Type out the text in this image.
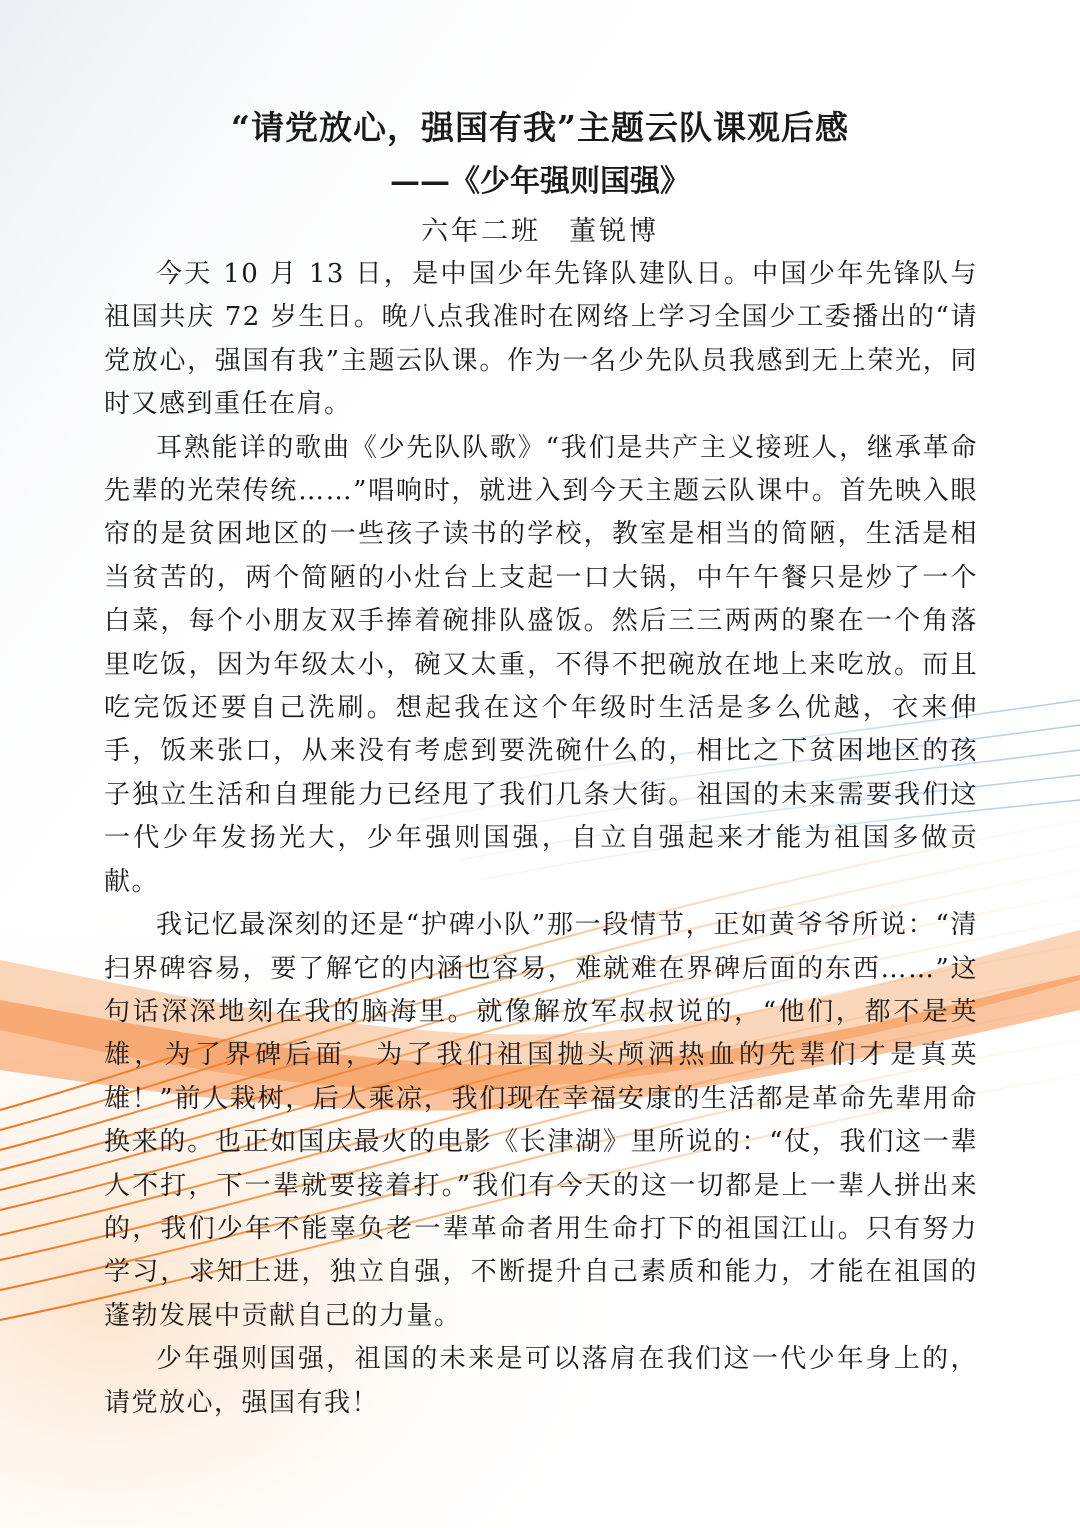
“请党放心，强国有我”主题云队课观后感
——《少年强则国强》
六年二班 董锐博

今天 10 月 13 日，是中国少年先锋队建队日。中国少年先锋队与祖国共庆 72 岁生日。晚八点我准时在网络上学习全国少工委播出的“请党放心，强国有我”主题云队课。作为一名少先队员我感到无上荣光，同时又感到重任在肩。

耳熟能详的歌曲《少先队队歌》“我们是共产主义接班人，继承革命先辈的光荣传统……”唱响时，就进入到今天主题云队课中。首先映入眼帘的是贫困地区的一些孩子读书的学校，教室是相当的简陋，生活是相当贫苦的，两个简陋的小灶台上支起一口大锅，中午午餐只是炒了一个白菜，每个小朋友双手捧着碗排队盛饭。然后三三两两的聚在一个角落里吃饭，因为年级太小，碗又太重，不得不把碗放在地上来吃放。而且吃完饭还要自己洗刷。想起我在这个年级时生活是多么优越，衣来伸手，饭来张口，从来没有考虑到要洗碗什么的，相比之下贫困地区的孩子独立生活和自理能力已经甩了我们几条大街。祖国的未来需要我们这一代少年发扬光大，少年强则国强，自立自强起来才能为祖国多做贡献。

我记忆最深刻的还是“护碑小队”那一段情节，正如黄爷爷所说：“清扫界碑容易，要了解它的内涵也容易，难就难在界碑后面的东西……”这句话深深地刻在我的脑海里。就像解放军叔叔说的，“他们，都不是英雄，为了界碑后面，为了我们祖国抛头颅洒热血的先辈们才是真英雄！”前人栽树，后人乘凉，我们现在幸福安康的生活都是革命先辈用命换来的。也正如国庆最火的电影《长津湖》里所说的：“仗，我们这一辈人不打，下一辈就要接着打。”我们有今天的这一切都是上一辈人拼出来的，我们少年不能辜负老一辈革命者用生命打下的祖国江山。只有努力学习，求知上进，独立自强，不断提升自己素质和能力，才能在祖国的蓬勃发展中贡献自己的力量。

少年强则国强，祖国的未来是可以落肩在我们这一代少年身上的，请党放心，强国有我！
